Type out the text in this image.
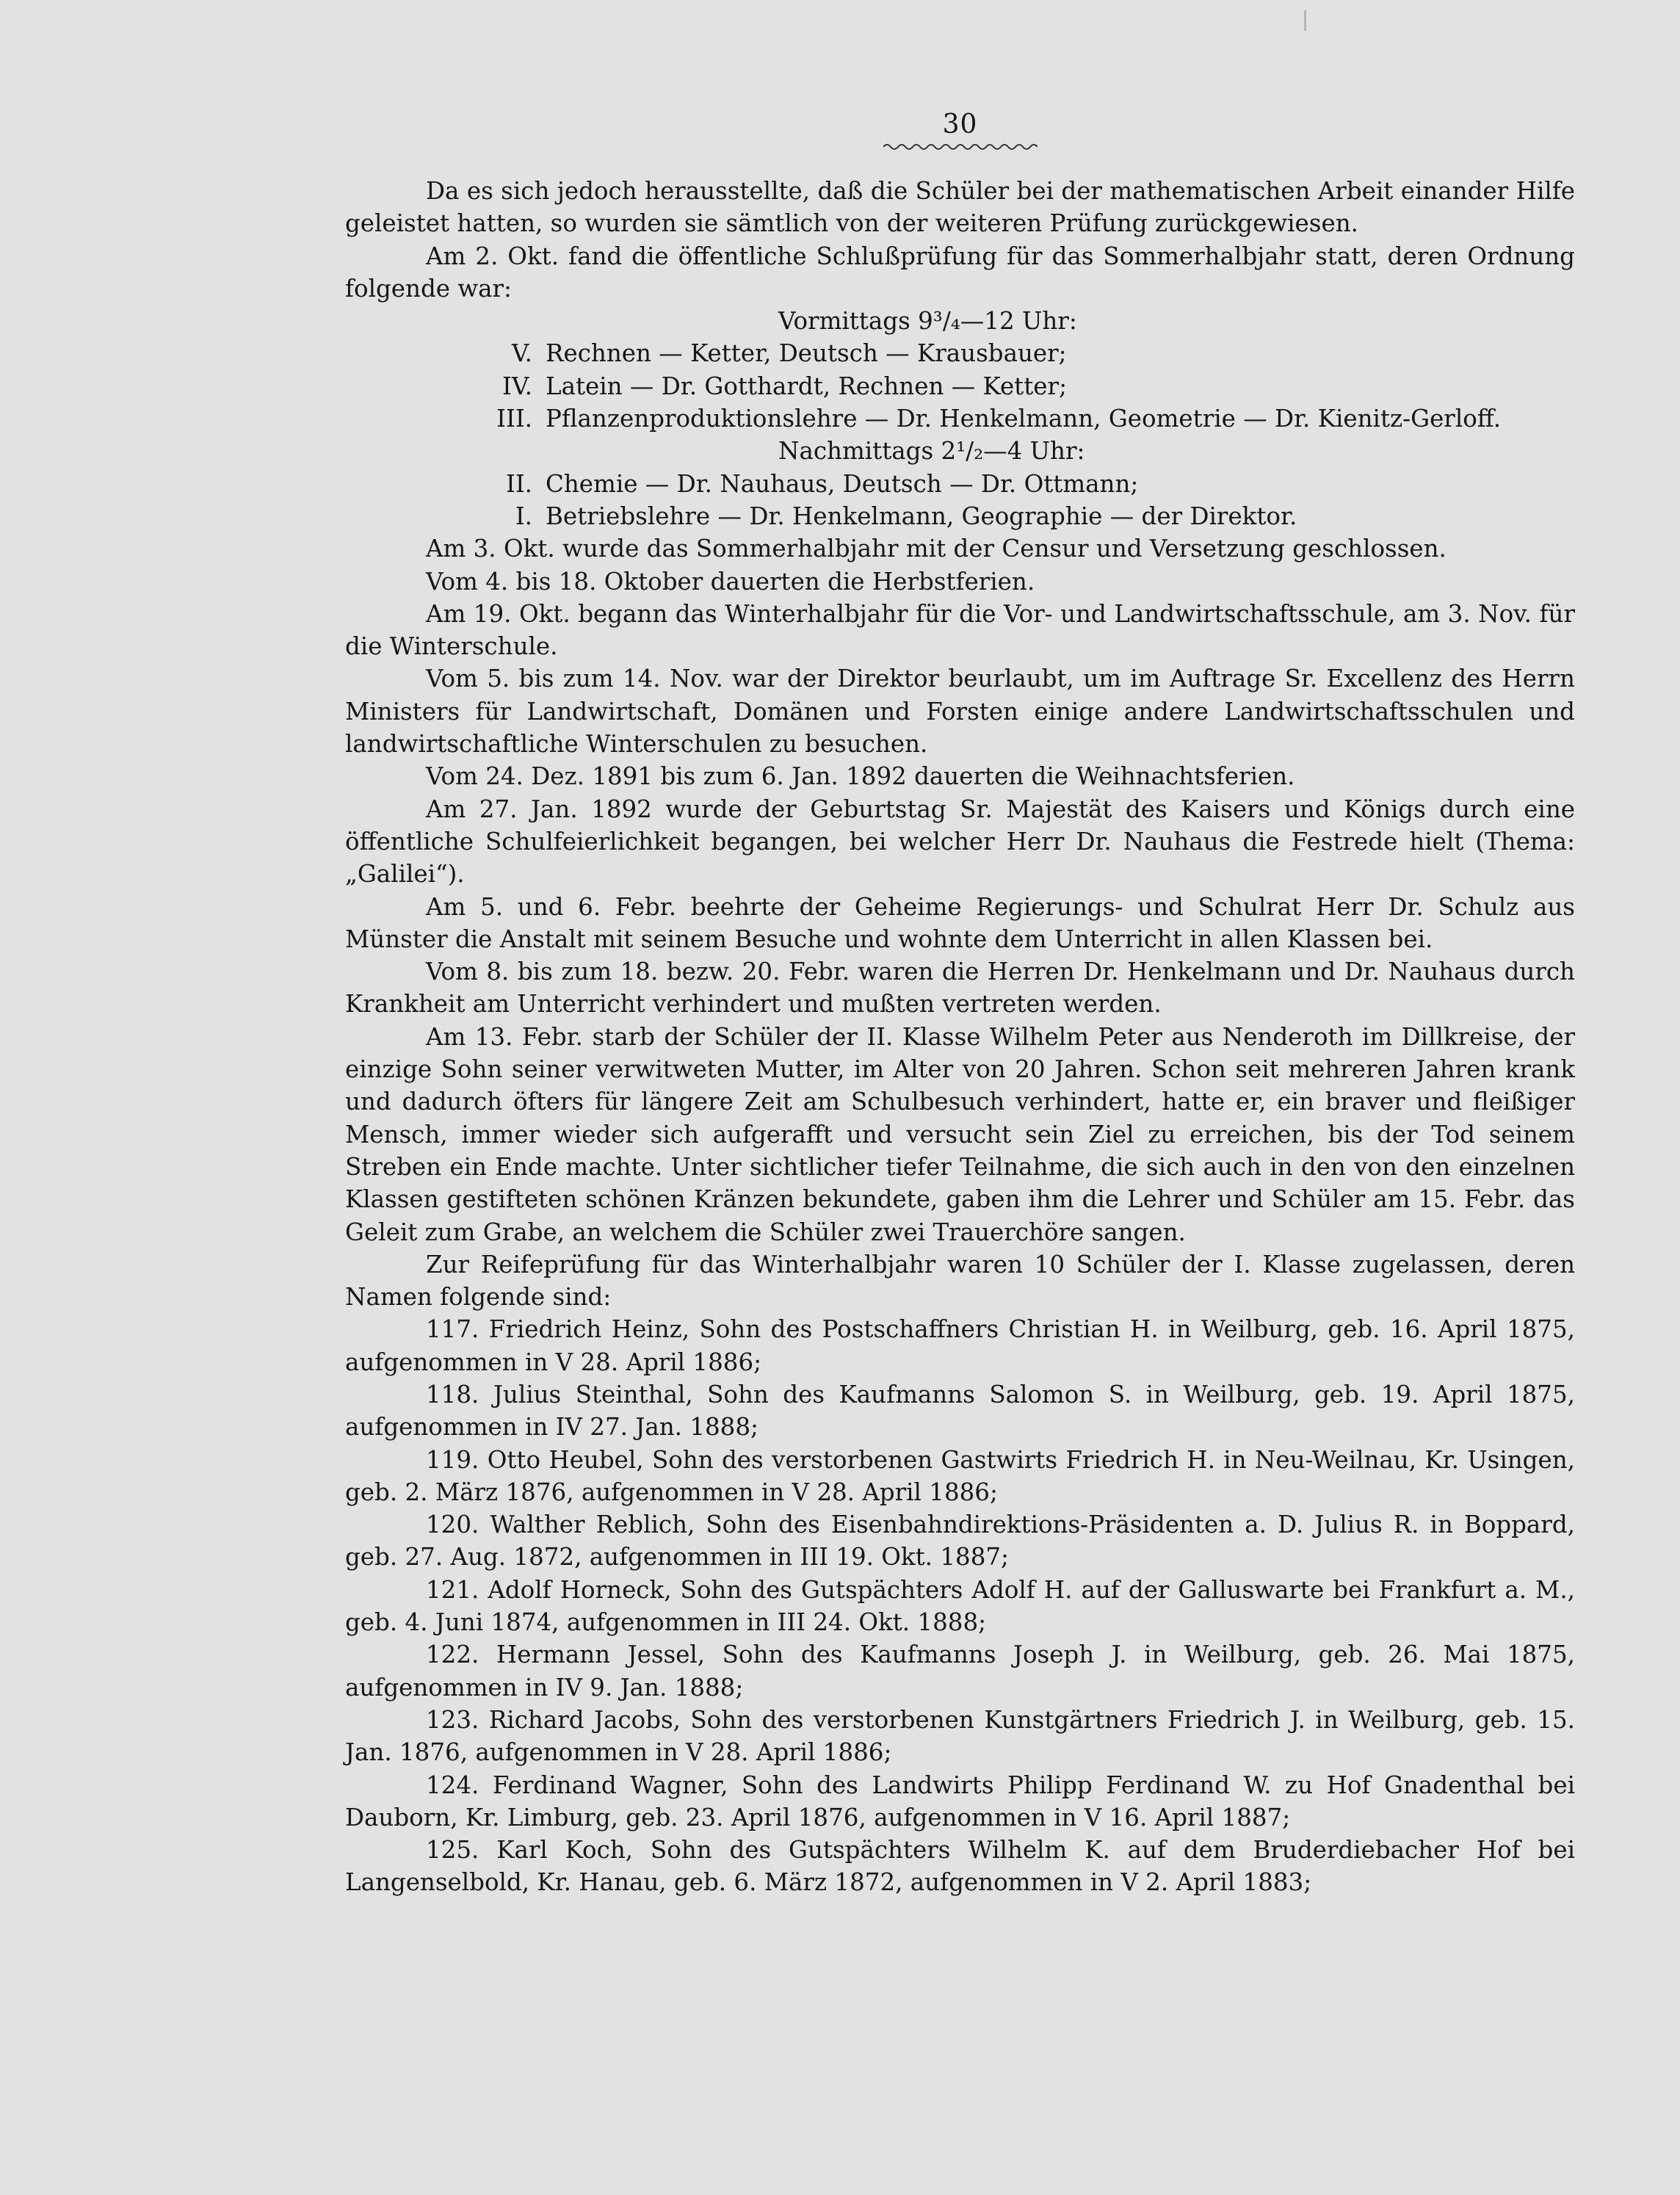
30

Da es sich jedoch herausstellte, daß die Schüler bei der mathematischen Arbeit einander Hilfe geleistet hatten, so wurden sie sämtlich von der weiteren Prüfung zurückgewiesen.

Am 2. Okt. fand die öffentliche Schlußprüfung für das Sommerhalbjahr statt, deren Ordnung folgende war:

Vormittags 9³/₄—12 Uhr:
V. Rechnen — Ketter, Deutsch — Krausbauer;
IV. Latein — Dr. Gotthardt, Rechnen — Ketter;
III. Pflanzenproduktionslehre — Dr. Henkelmann, Geometrie — Dr. Kienitz-Gerloff.
Nachmittags 2¹/₂—4 Uhr:
II. Chemie — Dr. Nauhaus, Deutsch — Dr. Ottmann;
I. Betriebslehre — Dr. Henkelmann, Geographie — der Direktor.

Am 3. Okt. wurde das Sommerhalbjahr mit der Censur und Versetzung geschlossen.

Vom 4. bis 18. Oktober dauerten die Herbstferien.

Am 19. Okt. begann das Winterhalbjahr für die Vor- und Landwirtschaftsschule, am 3. Nov. für die Winterschule.

Vom 5. bis zum 14. Nov. war der Direktor beurlaubt, um im Auftrage Sr. Excellenz des Herrn Ministers für Landwirtschaft, Domänen und Forsten einige andere Landwirtschaftsschulen und landwirtschaftliche Winterschulen zu besuchen.

Vom 24. Dez. 1891 bis zum 6. Jan. 1892 dauerten die Weihnachtsferien.

Am 27. Jan. 1892 wurde der Geburtstag Sr. Majestät des Kaisers und Königs durch eine öffentliche Schulfeierlichkeit begangen, bei welcher Herr Dr. Nauhaus die Festrede hielt (Thema: „Galilei“).

Am 5. und 6. Febr. beehrte der Geheime Regierungs- und Schulrat Herr Dr. Schulz aus Münster die Anstalt mit seinem Besuche und wohnte dem Unterricht in allen Klassen bei.

Vom 8. bis zum 18. bezw. 20. Febr. waren die Herren Dr. Henkelmann und Dr. Nauhaus durch Krankheit am Unterricht verhindert und mußten vertreten werden.

Am 13. Febr. starb der Schüler der II. Klasse Wilhelm Peter aus Nenderoth im Dillkreise, der einzige Sohn seiner verwitweten Mutter, im Alter von 20 Jahren. Schon seit mehreren Jahren krank und dadurch öfters für längere Zeit am Schulbesuch verhindert, hatte er, ein braver und fleißiger Mensch, immer wieder sich aufgerafft und versucht sein Ziel zu erreichen, bis der Tod seinem Streben ein Ende machte. Unter sichtlicher tiefer Teilnahme, die sich auch in den von den einzelnen Klassen gestifteten schönen Kränzen bekundete, gaben ihm die Lehrer und Schüler am 15. Febr. das Geleit zum Grabe, an welchem die Schüler zwei Trauerchöre sangen.

Zur Reifeprüfung für das Winterhalbjahr waren 10 Schüler der I. Klasse zugelassen, deren Namen folgende sind:

117. Friedrich Heinz, Sohn des Postschaffners Christian H. in Weilburg, geb. 16. April 1875, aufgenommen in V 28. April 1886;

118. Julius Steinthal, Sohn des Kaufmanns Salomon S. in Weilburg, geb. 19. April 1875, aufgenommen in IV 27. Jan. 1888;

119. Otto Heubel, Sohn des verstorbenen Gastwirts Friedrich H. in Neu-Weilnau, Kr. Usingen, geb. 2. März 1876, aufgenommen in V 28. April 1886;

120. Walther Reblich, Sohn des Eisenbahndirektions-Präsidenten a. D. Julius R. in Boppard, geb. 27. Aug. 1872, aufgenommen in III 19. Okt. 1887;

121. Adolf Horneck, Sohn des Gutspächters Adolf H. auf der Galluswarte bei Frankfurt a. M., geb. 4. Juni 1874, aufgenommen in III 24. Okt. 1888;

122. Hermann Jessel, Sohn des Kaufmanns Joseph J. in Weilburg, geb. 26. Mai 1875, aufgenommen in IV 9. Jan. 1888;

123. Richard Jacobs, Sohn des verstorbenen Kunstgärtners Friedrich J. in Weilburg, geb. 15. Jan. 1876, aufgenommen in V 28. April 1886;

124. Ferdinand Wagner, Sohn des Landwirts Philipp Ferdinand W. zu Hof Gnadenthal bei Dauborn, Kr. Limburg, geb. 23. April 1876, aufgenommen in V 16. April 1887;

125. Karl Koch, Sohn des Gutspächters Wilhelm K. auf dem Bruderdiebacher Hof bei Langenselbold, Kr. Hanau, geb. 6. März 1872, aufgenommen in V 2. April 1883;
